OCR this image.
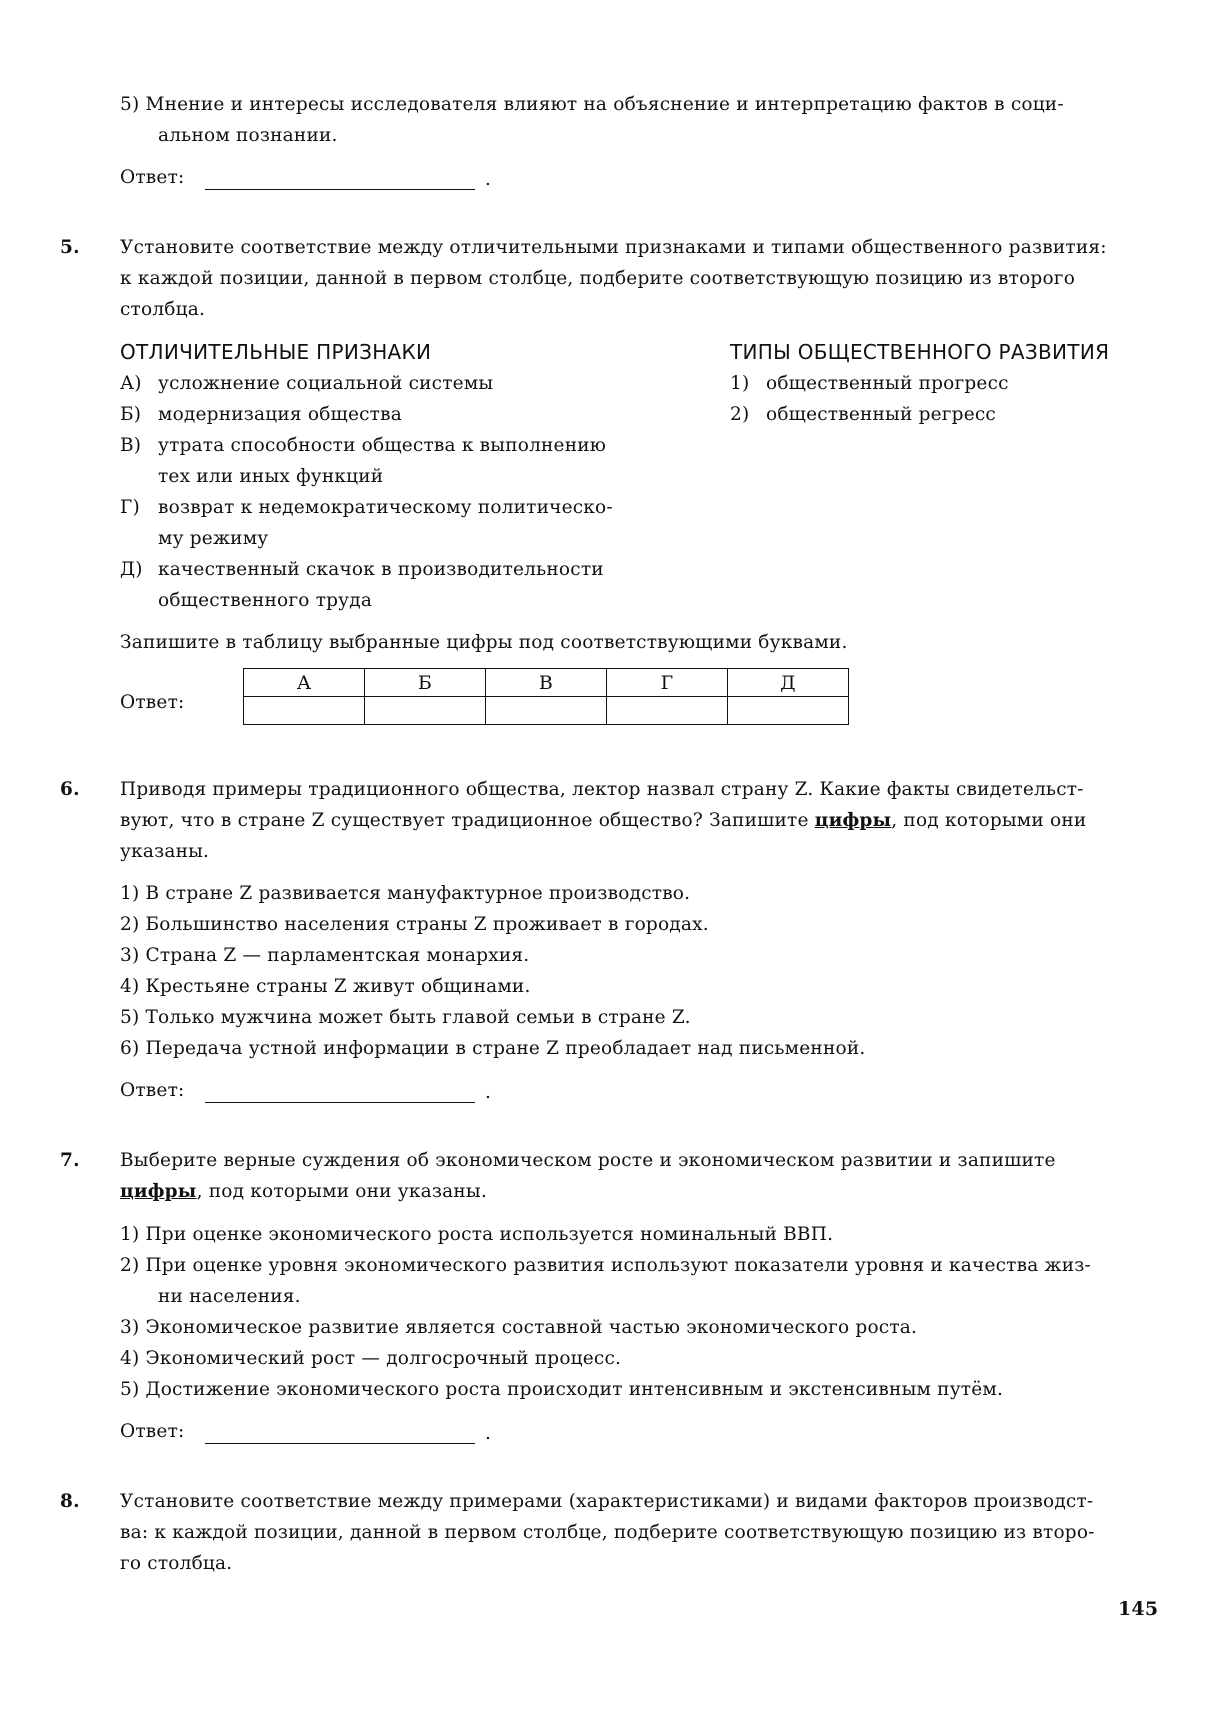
5) Мнение и интересы исследователя влияют на объяснение и интерпретацию фактов в соци-
альном познании.
Ответ:	.
5. Установите соответствие между отличительными признаками и типами общественного развития:
к каждой позиции, данной в первом столбце, подберите соответствующую позицию из второго
столбца.
ОТЛИЧИТЕЛЬНЫЕ ПРИЗНАКИ	ТИПЫ ОБЩЕСТВЕННОГО РАЗВИТИЯ
А) усложнение социальной системы
Б) модернизация общества
В) утрата способности общества к выполнению
тех или иных функций
Г) возврат к недемократическому политическо-
му режиму
Д) качественный скачок в производительности
общественного труда
1) общественный прогресс
2) общественный регресс
Запишите в таблицу выбранные цифры под соответствующими буквами.
Ответ:
А	Б	В	Г	Д

6. Приводя примеры традиционного общества, лектор назвал страну Z. Какие факты свидетельст-
вуют, что в стране Z существует традиционное общество? Запишите цифры, под которыми они
указаны.
1) В стране Z развивается мануфактурное производство.
2) Большинство населения страны Z проживает в городах.
3) Страна Z — парламентская монархия.
4) Крестьяне страны Z живут общинами.
5) Только мужчина может быть главой семьи в стране Z.
6) Передача устной информации в стране Z преобладает над письменной.
Ответ:	.
7. Выберите верные суждения об экономическом росте и экономическом развитии и запишите
цифры, под которыми они указаны.
1) При оценке экономического роста используется номинальный ВВП.
2) При оценке уровня экономического развития используют показатели уровня и качества жиз-
ни населения.
3) Экономическое развитие является составной частью экономического роста.
4) Экономический рост — долгосрочный процесс.
5) Достижение экономического роста происходит интенсивным и экстенсивным путём.
Ответ:	.
8. Установите соответствие между примерами (характеристиками) и видами факторов производст-
ва: к каждой позиции, данной в первом столбце, подберите соответствующую позицию из второ-
го столбца.
145
